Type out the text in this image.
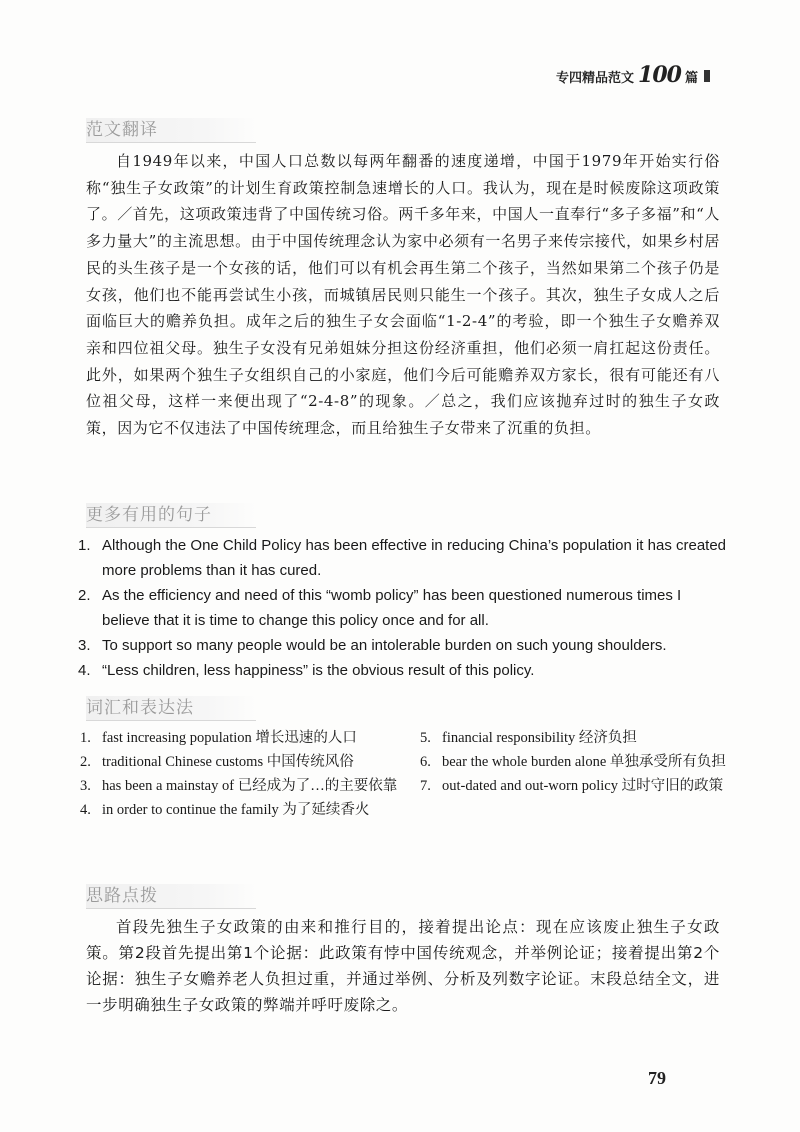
专四精品范文 100 篇
范文翻译

自1949年以来，中国人口总数以每两年翻番的速度递增，中国于1979年开始实行俗称“独生子女政策”的计划生育政策控制急速增长的人口。我认为，现在是时候废除这项政策了。／首先，这项政策违背了中国传统习俗。两千多年来，中国人一直奉行“多子多福”和“人多力量大”的主流思想。由于中国传统理念认为家中必须有一名男子来传宗接代，如果乡村居民的头生孩子是一个女孩的话，他们可以有机会再生第二个孩子，当然如果第二个孩子仍是女孩，他们也不能再尝试生小孩，而城镇居民则只能生一个孩子。其次，独生子女成人之后面临巨大的赡养负担。成年之后的独生子女会面临“1-2-4”的考验，即一个独生子女赡养双亲和四位祖父母。独生子女没有兄弟姐妹分担这份经济重担，他们必须一肩扛起这份责任。此外，如果两个独生子女组织自己的小家庭，他们今后可能赡养双方家长，很有可能还有八位祖父母，这样一来便出现了“2-4-8”的现象。／总之，我们应该抛弃过时的独生子女政策，因为它不仅违法了中国传统理念，而且给独生子女带来了沉重的负担。

更多有用的句子
1. Although the One Child Policy has been effective in reducing China’s population it has created more problems than it has cured.
2. As the efficiency and need of this “womb policy” has been questioned numerous times I believe that it is time to change this policy once and for all.
3. To support so many people would be an intolerable burden on such young shoulders.
4. “Less children, less happiness” is the obvious result of this policy.
词汇和表达法
1. fast increasing population 增长迅速的人口
2. traditional Chinese customs 中国传统风俗
3. has been a mainstay of 已经成为了…的主要依靠
4. in order to continue the family 为了延续香火
5. financial responsibility 经济负担
6. bear the whole burden alone 单独承受所有负担
7. out-dated and out-worn policy 过时守旧的政策
思路点拨

首段先独生子女政策的由来和推行目的，接着提出论点：现在应该废止独生子女政策。第2段首先提出第1个论据：此政策有悖中国传统观念，并举例论证；接着提出第2个论据：独生子女赡养老人负担过重，并通过举例、分析及列数字论证。末段总结全文，进一步明确独生子女政策的弊端并呼吁废除之。

79
